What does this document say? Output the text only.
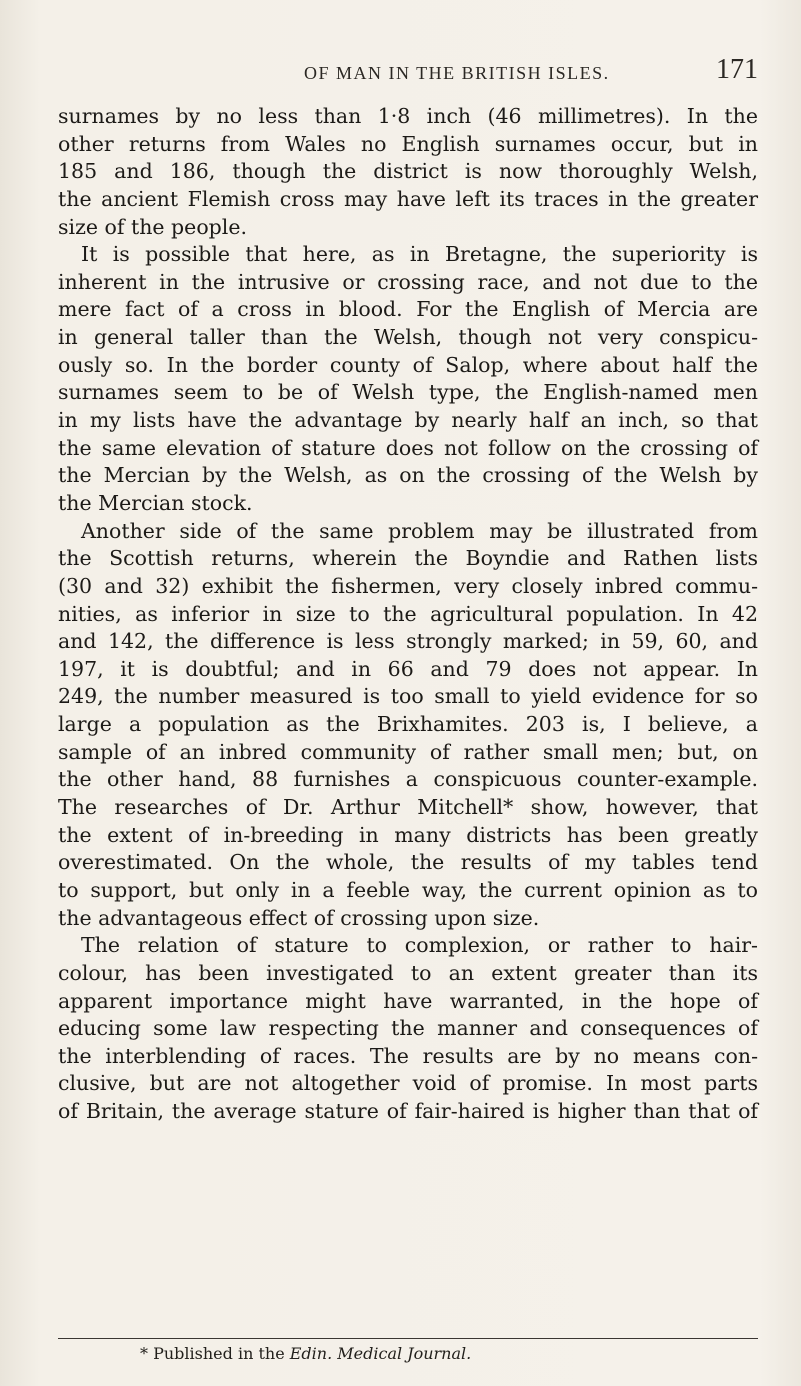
OF MAN IN THE BRITISH ISLES.	171
surnames by no less than 1·8 inch (46 millimetres). In the
other returns from Wales no English surnames occur, but in
185 and 186, though the district is now thoroughly Welsh,
the ancient Flemish cross may have left its traces in the greater
size of the people.
It is possible that here, as in Bretagne, the superiority is
inherent in the intrusive or crossing race, and not due to the
mere fact of a cross in blood. For the English of Mercia are
in general taller than the Welsh, though not very conspicu-
ously so. In the border county of Salop, where about half the
surnames seem to be of Welsh type, the English-named men
in my lists have the advantage by nearly half an inch, so that
the same elevation of stature does not follow on the crossing of
the Mercian by the Welsh, as on the crossing of the Welsh by
the Mercian stock.
Another side of the same problem may be illustrated from
the Scottish returns, wherein the Boyndie and Rathen lists
(30 and 32) exhibit the fishermen, very closely inbred commu-
nities, as inferior in size to the agricultural population. In 42
and 142, the difference is less strongly marked; in 59, 60, and
197, it is doubtful; and in 66 and 79 does not appear. In
249, the number measured is too small to yield evidence for so
large a population as the Brixhamites. 203 is, I believe, a
sample of an inbred community of rather small men; but, on
the other hand, 88 furnishes a conspicuous counter-example.
The researches of Dr. Arthur Mitchell* show, however, that
the extent of in-breeding in many districts has been greatly
overestimated. On the whole, the results of my tables tend
to support, but only in a feeble way, the current opinion as to
the advantageous effect of crossing upon size.
The relation of stature to complexion, or rather to hair-
colour, has been investigated to an extent greater than its
apparent importance might have warranted, in the hope of
educing some law respecting the manner and consequences of
the interblending of races. The results are by no means con-
clusive, but are not altogether void of promise. In most parts
of Britain, the average stature of fair-haired is higher than that of
* Published in the Edin. Medical Journal.
